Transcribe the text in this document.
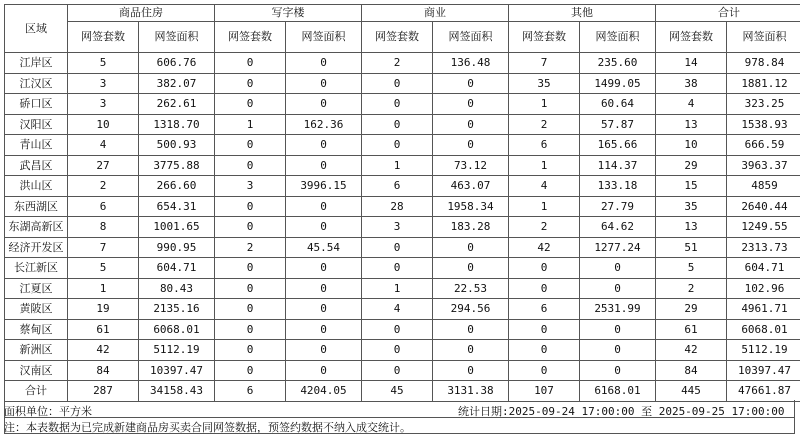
区域	商品住房		写字楼		商业		其他		合计	
	网签套数	网签面积	网签套数	网签面积	网签套数	网签面积	网签套数	网签面积	网签套数	网签面积
江岸区	5	606.76	0	0	2	136.48	7	235.60	14	978.84
江汉区	3	382.07	0	0	0	0	35	1499.05	38	1881.12
硚口区	3	262.61	0	0	0	0	1	60.64	4	323.25
汉阳区	10	1318.70	1	162.36	0	0	2	57.87	13	1538.93
青山区	4	500.93	0	0	0	0	6	165.66	10	666.59
武昌区	27	3775.88	0	0	1	73.12	1	114.37	29	3963.37
洪山区	2	266.60	3	3996.15	6	463.07	4	133.18	15	4859
东西湖区	6	654.31	0	0	28	1958.34	1	27.79	35	2640.44
东湖高新区	8	1001.65	0	0	3	183.28	2	64.62	13	1249.55
经济开发区	7	990.95	2	45.54	0	0	42	1277.24	51	2313.73
长江新区	5	604.71	0	0	0	0	0	0	5	604.71
江夏区	1	80.43	0	0	1	22.53	0	0	2	102.96
黄陂区	19	2135.16	0	0	4	294.56	6	2531.99	29	4961.71
蔡甸区	61	6068.01	0	0	0	0	0	0	61	6068.01
新洲区	42	5112.19	0	0	0	0	0	0	42	5112.19
汉南区	84	10397.47	0	0	0	0	0	0	84	10397.47
合计	287	34158.43	6	4204.05	45	3131.38	107	6168.01	445	47661.87
面积单位：平方米	统计日期:2025-09-24 17:00:00 至 2025-09-25 17:00:00
注：本表数据为已完成新建商品房买卖合同网签数据，预签约数据不纳入成交统计。
